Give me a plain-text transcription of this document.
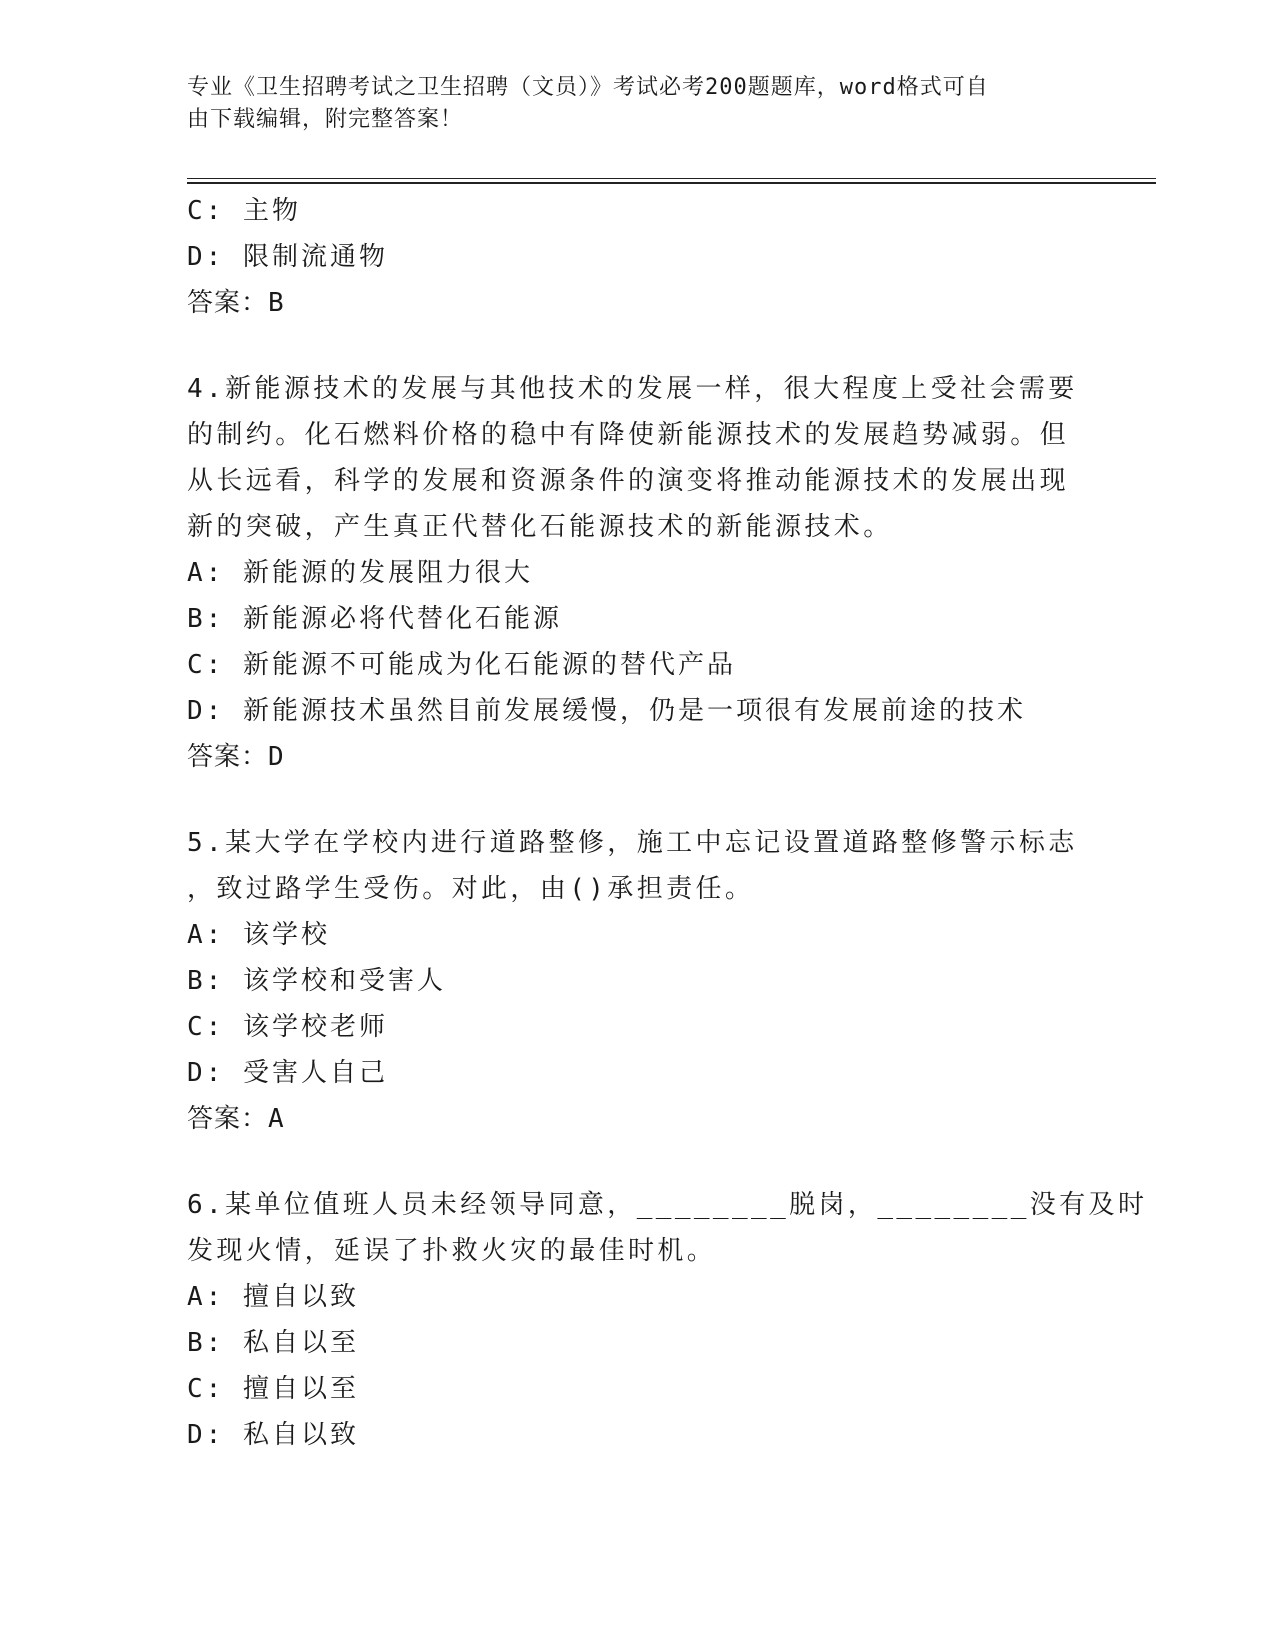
专业《卫生招聘考试之卫生招聘（文员）》考试必考200题题库，word格式可自
由下载编辑，附完整答案！
C: 主物
D: 限制流通物
答案：B
4.新能源技术的发展与其他技术的发展一样，很大程度上受社会需要
的制约。化石燃料价格的稳中有降使新能源技术的发展趋势减弱。但
从长远看，科学的发展和资源条件的演变将推动能源技术的发展出现
新的突破，产生真正代替化石能源技术的新能源技术。
A: 新能源的发展阻力很大
B: 新能源必将代替化石能源
C: 新能源不可能成为化石能源的替代产品
D: 新能源技术虽然目前发展缓慢，仍是一项很有发展前途的技术
答案：D
5.某大学在学校内进行道路整修，施工中忘记设置道路整修警示标志
，致过路学生受伤。对此，由()承担责任。
A: 该学校
B: 该学校和受害人
C: 该学校老师
D: 受害人自己
答案：A
6.某单位值班人员未经领导同意，________脱岗，________没有及时
发现火情，延误了扑救火灾的最佳时机。
A: 擅自以致
B: 私自以至
C: 擅自以至
D: 私自以致
